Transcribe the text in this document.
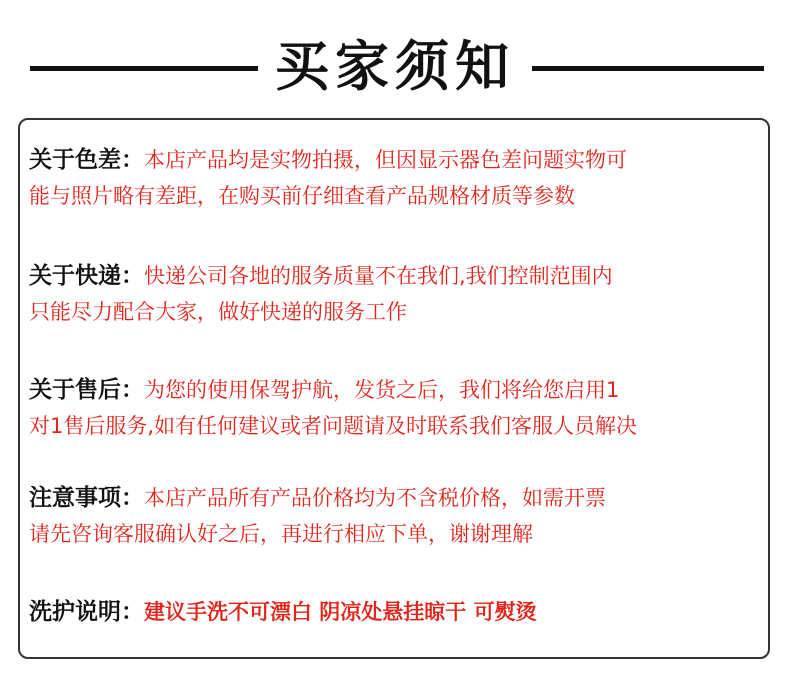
买家须知
关于色差：本店产品均是实物拍摄，但因显示器色差问题实物可
能与照片略有差距，在购买前仔细查看产品规格材质等参数
关于快递：快递公司各地的服务质量不在我们,我们控制范围内
只能尽力配合大家，做好快递的服务工作
关于售后：为您的使用保驾护航，发货之后，我们将给您启用1
对1售后服务,如有任何建议或者问题请及时联系我们客服人员解决
注意事项：本店产品所有产品价格均为不含税价格，如需开票
请先咨询客服确认好之后，再进行相应下单，谢谢理解
洗护说明：建议手洗不可漂白 阴凉处悬挂晾干 可熨烫
